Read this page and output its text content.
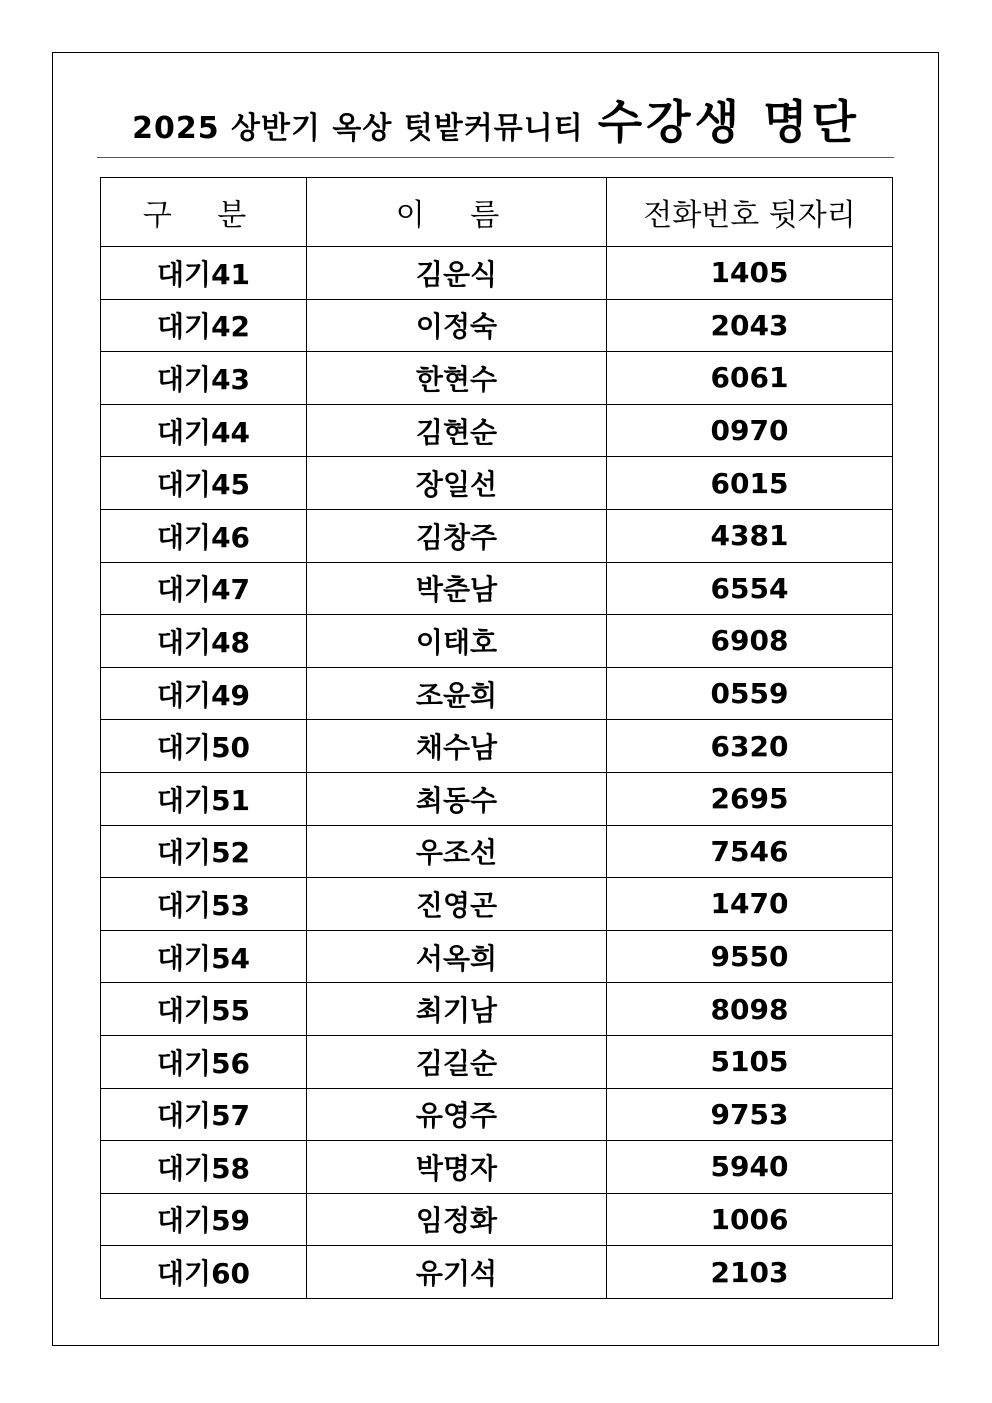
2025 상반기 옥상 텃밭커뮤니티 수강생 명단
구 분	이 름	전화번호 뒷자리
대기41	김운식	1405
대기42	이정숙	2043
대기43	한현수	6061
대기44	김현순	0970
대기45	장일선	6015
대기46	김창주	4381
대기47	박춘남	6554
대기48	이태호	6908
대기49	조윤희	0559
대기50	채수남	6320
대기51	최동수	2695
대기52	우조선	7546
대기53	진영곤	1470
대기54	서옥희	9550
대기55	최기남	8098
대기56	김길순	5105
대기57	유영주	9753
대기58	박명자	5940
대기59	임정화	1006
대기60	유기석	2103
